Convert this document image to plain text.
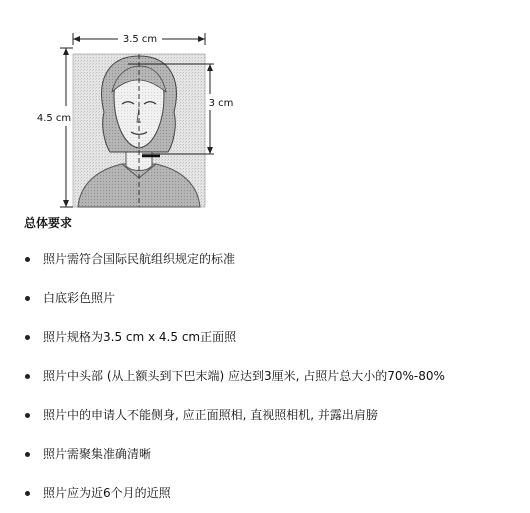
3.5 cm
4.5 cm
3 cm
总体要求
照片需符合国际民航组织规定的标准
白底彩色照片
照片规格为3.5 cm x 4.5 cm正面照
照片中头部 (从上额头到下巴末端) 应达到3厘米, 占照片总大小的70%-80%
照片中的申请人不能侧身, 应正面照相, 直视照相机, 并露出肩膀
照片需聚集准确清晰
照片应为近6个月的近照
